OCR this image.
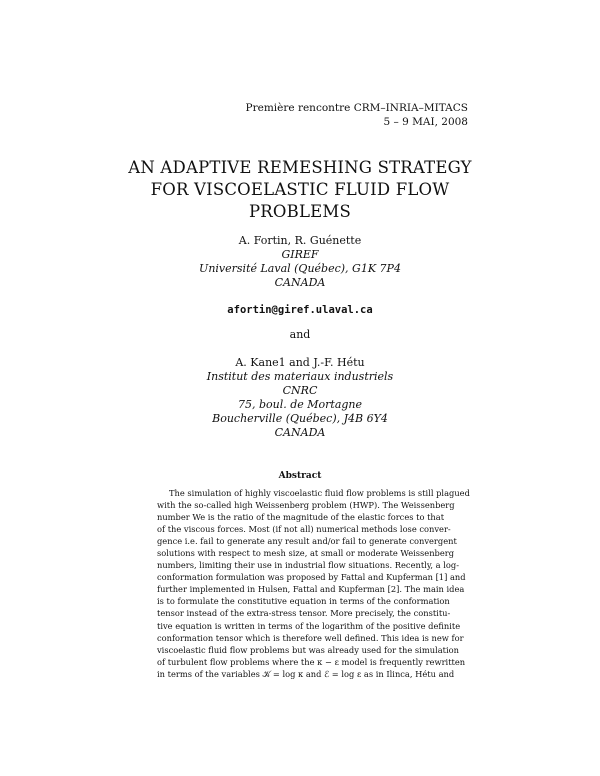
Première rencontre CRM–INRIA–MITACS
5 – 9 MAI, 2008
AN ADAPTIVE REMESHING STRATEGY
FOR VISCOELASTIC FLUID FLOW
PROBLEMS
A. Fortin, R. Guénette
GIREF
Université Laval (Québec), G1K 7P4
CANADA
afortin@giref.ulaval.ca
and
A. Kane1 and J.-F. Hétu
Institut des materiaux industriels
CNRC
75, boul. de Mortagne
Boucherville (Québec), J4B 6Y4
CANADA
Abstract
The simulation of highly viscoelastic fluid flow problems is still plagued
with the so-called high Weissenberg problem (HWP). The Weissenberg
number We is the ratio of the magnitude of the elastic forces to that
of the viscous forces. Most (if not all) numerical methods lose conver-
gence i.e. fail to generate any result and/or fail to generate convergent
solutions with respect to mesh size, at small or moderate Weissenberg
numbers, limiting their use in industrial flow situations. Recently, a log-
conformation formulation was proposed by Fattal and Kupferman [1] and
further implemented in Hulsen, Fattal and Kupferman [2]. The main idea
is to formulate the constitutive equation in terms of the conformation
tensor instead of the extra-stress tensor. More precisely, the constitu-
tive equation is written in terms of the logarithm of the positive definite
conformation tensor which is therefore well defined. This idea is new for
viscoelastic fluid flow problems but was already used for the simulation
of turbulent flow problems where the κ − ε model is frequently rewritten
in terms of the variables 𝒦 = log κ and ℰ = log ε as in Ilinca, Hétu and
